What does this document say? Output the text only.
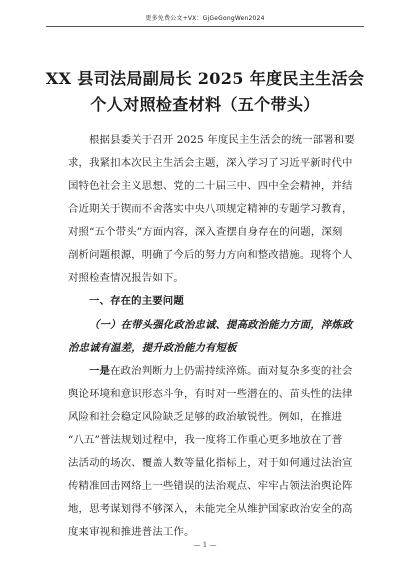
更多免费公文+VX：GjGeGongWen2024
XX 县司法局副局长 2025 年度民主生活会
个人对照检查材料（五个带头）
根据县委关于召开 2025 年度民主生活会的统一部署和要
求，我紧扣本次民主生活会主题，深入学习了习近平新时代中
国特色社会主义思想、党的二十届三中、四中全会精神，并结
合近期关于锲而不舍落实中央八项规定精神的专题学习教育，
对照“五个带头”方面内容，深入查摆自身存在的问题，深刻
剖析问题根源，明确了今后的努力方向和整改措施。现将个人
对照检查情况报告如下。
一、存在的主要问题
（一）在带头强化政治忠诚、提高政治能力方面，淬炼政
治忠诚有温差，提升政治能力有短板
一是在政治判断力上仍需持续淬炼。面对复杂多变的社会
舆论环境和意识形态斗争，有时对一些潜在的、苗头性的法律
风险和社会稳定风险缺乏足够的政治敏锐性。例如，在推进
“八五”普法规划过程中，我一度将工作重心更多地放在了普
法活动的场次、覆盖人数等量化指标上，对于如何通过法治宣
传精准回击网络上一些错误的法治观点、牢牢占领法治舆论阵
地，思考谋划得不够深入，未能完全从维护国家政治安全的高
度来审视和推进普法工作。
— 1 —
